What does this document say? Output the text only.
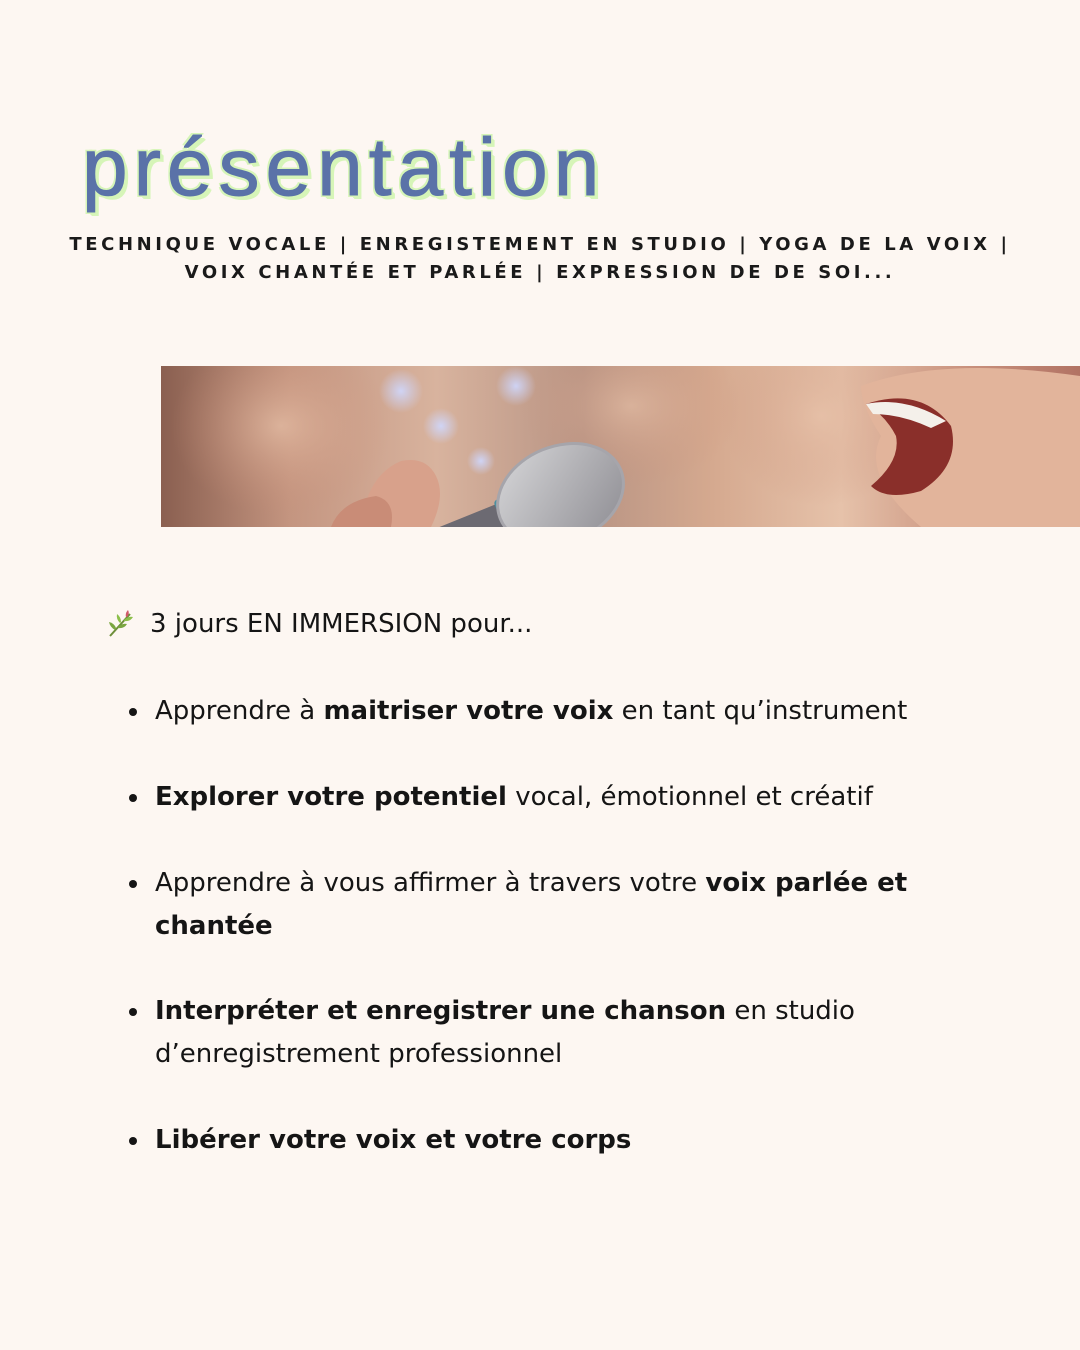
présentation
TECHNIQUE VOCALE | ENREGISTEMENT EN STUDIO | YOGA DE LA VOIX | VOIX CHANTÉE ET PARLÉE | EXPRESSION DE DE SOI...
3 jours EN IMMERSION pour...
Apprendre à maitriser votre voix en tant qu’instrument
Explorer votre potentiel vocal, émotionnel et créatif
Apprendre à vous affirmer à travers votre voix parlée et chantée
Interpréter et enregistrer une chanson en studio d’enregistrement professionnel
Libérer votre voix et votre corps
